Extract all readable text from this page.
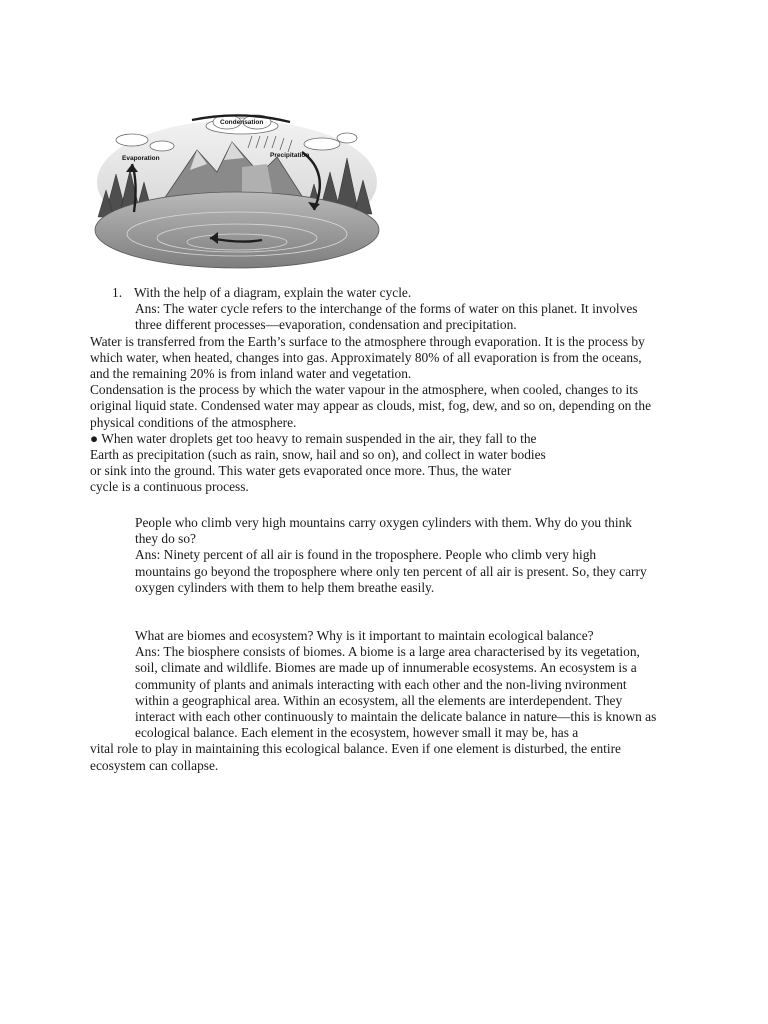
Condensation
Precipitation
Evaporation
1. With the help of a diagram, explain the water cycle.
Ans: The water cycle refers to the interchange of the forms of water on this planet. It involves
three different processes—evaporation, condensation and precipitation.
Water is transferred from the Earth’s surface to the atmosphere through evaporation. It is the process by
which water, when heated, changes into gas. Approximately 80% of all evaporation is from the oceans,
and the remaining 20% is from inland water and vegetation.
Condensation is the process by which the water vapour in the atmosphere, when cooled, changes to its
original liquid state. Condensed water may appear as clouds, mist, fog, dew, and so on, depending on the
physical conditions of the atmosphere.
● When water droplets get too heavy to remain suspended in the air, they fall to the
Earth as precipitation (such as rain, snow, hail and so on), and collect in water bodies
or sink into the ground. This water gets evaporated once more. Thus, the water
cycle is a continuous process.
People who climb very high mountains carry oxygen cylinders with them. Why do you think
they do so?
Ans: Ninety percent of all air is found in the troposphere. People who climb very high
mountains go beyond the troposphere where only ten percent of all air is present. So, they carry
oxygen cylinders with them to help them breathe easily.
What are biomes and ecosystem? Why is it important to maintain ecological balance?
Ans: The biosphere consists of biomes. A biome is a large area characterised by its vegetation,
soil, climate and wildlife. Biomes are made up of innumerable ecosystems. An ecosystem is a
community of plants and animals interacting with each other and the non-living nvironment
within a geographical area. Within an ecosystem, all the elements are interdependent. They
interact with each other continuously to maintain the delicate balance in nature—this is known as
ecological balance. Each element in the ecosystem, however small it may be, has a
vital role to play in maintaining this ecological balance. Even if one element is disturbed, the entire
ecosystem can collapse.
